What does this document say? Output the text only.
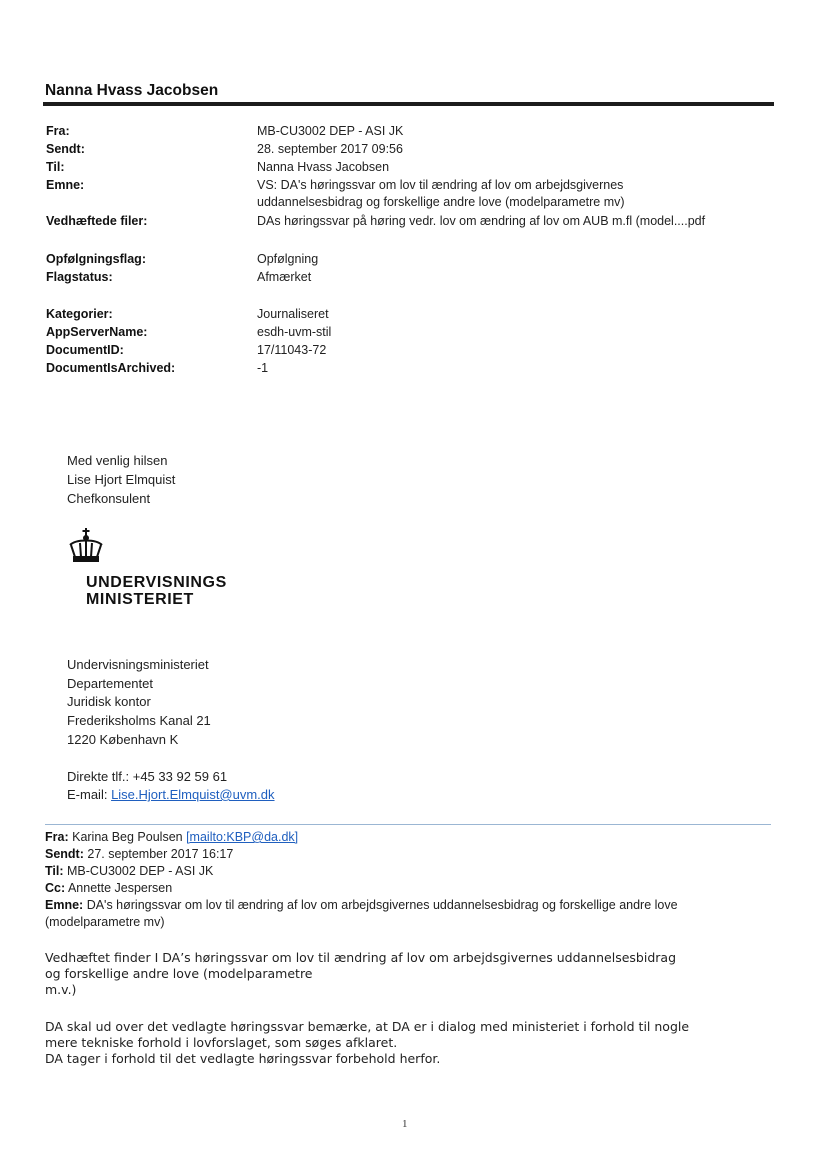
Nanna Hvass Jacobsen
Fra:	MB-CU3002 DEP - ASI JK
Sendt:	28. september 2017 09:56
Til:	Nanna Hvass Jacobsen
Emne:	VS: DA's høringssvar om lov til ændring af lov om arbejdsgivernes
uddannelsesbidrag og forskellige andre love (modelparametre mv)
Vedhæftede filer:	DAs høringssvar på høring vedr. lov om ændring af lov om AUB m.fl (model....pdf
Opfølgningsflag:	Opfølgning
Flagstatus:	Afmærket
Kategorier:	Journaliseret
AppServerName:	esdh-uvm-stil
DocumentID:	17/11043-72
DocumentIsArchived:	-1
Med venlig hilsen
Lise Hjort Elmquist
Chefkonsulent
UNDERVISNINGS
MINISTERIET
Undervisningsministeriet
Departementet
Juridisk kontor
Frederiksholms Kanal 21
1220 København K
Direkte tlf.: +45 33 92 59 61
E-mail: Lise.Hjort.Elmquist@uvm.dk
Fra: Karina Beg Poulsen [mailto:KBP@da.dk]
Sendt: 27. september 2017 16:17
Til: MB-CU3002 DEP - ASI JK
Cc: Annette Jespersen
Emne: DA's høringssvar om lov til ændring af lov om arbejdsgivernes uddannelsesbidrag og forskellige andre love
(modelparametre mv)
Vedhæftet finder I DA’s høringssvar om lov til ændring af lov om arbejdsgivernes uddannelsesbidrag
og forskellige andre love (modelparametre
m.v.)
DA skal ud over det vedlagte høringssvar bemærke, at DA er i dialog med ministeriet i forhold til nogle
mere tekniske forhold i lovforslaget, som søges afklaret.
DA tager i forhold til det vedlagte høringssvar forbehold herfor.
1
